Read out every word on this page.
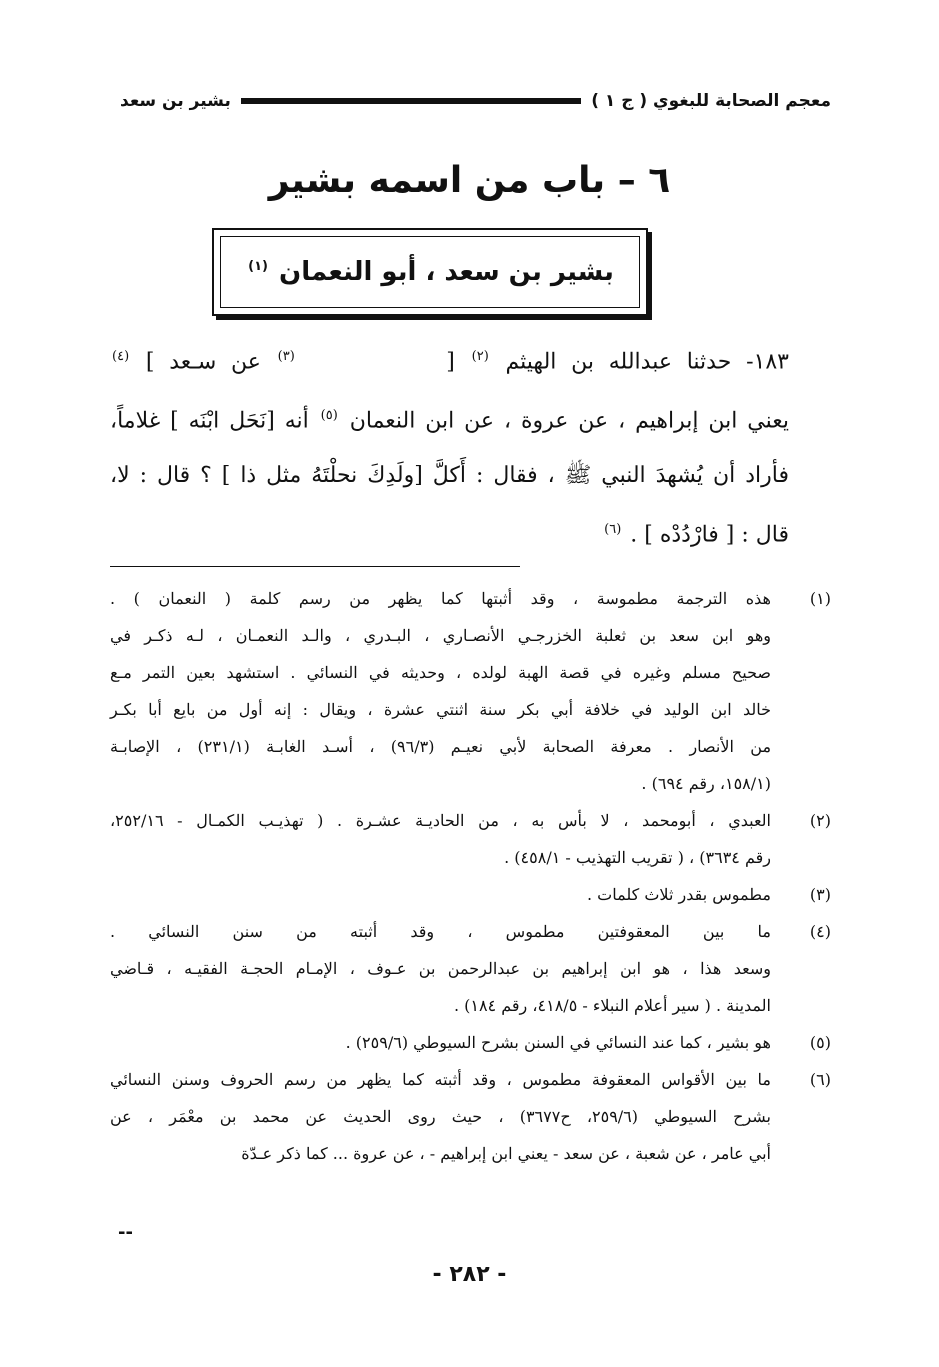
معجم الصحابة للبغوي ( ج ١ )
بشير بن سعد
٦ – باب من اسمه بشير
بشير بن سعد ، أبو النعمان $^{(١)}$

١٨٣- حدثنا عبدالله بن الهيثم $^{(٢)}$ [  $^{(٣)}$ عن سـعد ] $^{(٤)}$

يعني ابن إبراهيم ، عن عروة ، عن ابن النعمان $^{(٥)}$ أنه [نَحَل ابْنَه ] غلاماً،

فأراد أن يُشهدَ النبي ﷺ ، فقال : أَكلَّ [ولَدِكَ نحلْتَهُ مثل ذا ] ؟ قال : لا،

قال : [ فارْدُدْه ] . $^{(٦)}$

(١)

هذه الترجمة مطموسة ، وقد أثبتها كما يظهر من رسم كلمة ( النعمان ) .

وهو ابن سعد بن ثعلبة الخزرجـي الأنصـاري ، البـدري ، والـد النعمـان ، لـه ذكـر في

صحيح مسلم وغيره في قصة الهبة لولده ، وحديثه في النسائي . استشهد بعين التمر مـع

خالد ابن الوليد في خلافة أبي بكر سنة اثنتي عشرة ، ويقال : إنه أول من بايع أبا بكـر

من الأنصار . معرفة الصحابة لأبي نعيـم (٩٦/٣) ، أسـد الغابـة (٢٣١/١) ، الإصابـة

(١٥٨/١، رقم ٦٩٤) .

(٢)

العبدي ، أبومحمد ، لا بأس به ، من الحاديـة عشـرة . ( تهذيـب الكمـال - ٢٥٢/١٦،

رقم ٣٦٣٤) ، ( تقريب التهذيب - ٤٥٨/١) .

(٣)

مطموس بقدر ثلاث كلمات .

(٤)

ما بين المعقوفتين مطموس ، وقد أثبته من سنن النسائي .

وسعد هذا ، هو ابن إبراهيم بن عبدالرحمن بن عـوف ، الإمـام الحجـة الفقيـه ، قـاضي

المدينة . ( سير أعلام النبلاء - ٤١٨/٥، رقم ١٨٤) .

(٥)

هو بشير ، كما عند النسائي في السنن بشرح السيوطي (٢٥٩/٦) .

(٦)

ما بين الأقواس المعقوفة مطموس ، وقد أثبته كما يظهر من رسم الحروف وسنن النسائي

بشرح السيوطي (٢٥٩/٦، ح٣٦٧٧) ، حيث روى الحديث عن محمد بن معْمَر ، عن

أبي عامر ، عن شعبة ، عن سعد - يعني ابن إبراهيم - ، عن عروة ... كما ذكر عـدّة

--
- ٢٨٢ -
